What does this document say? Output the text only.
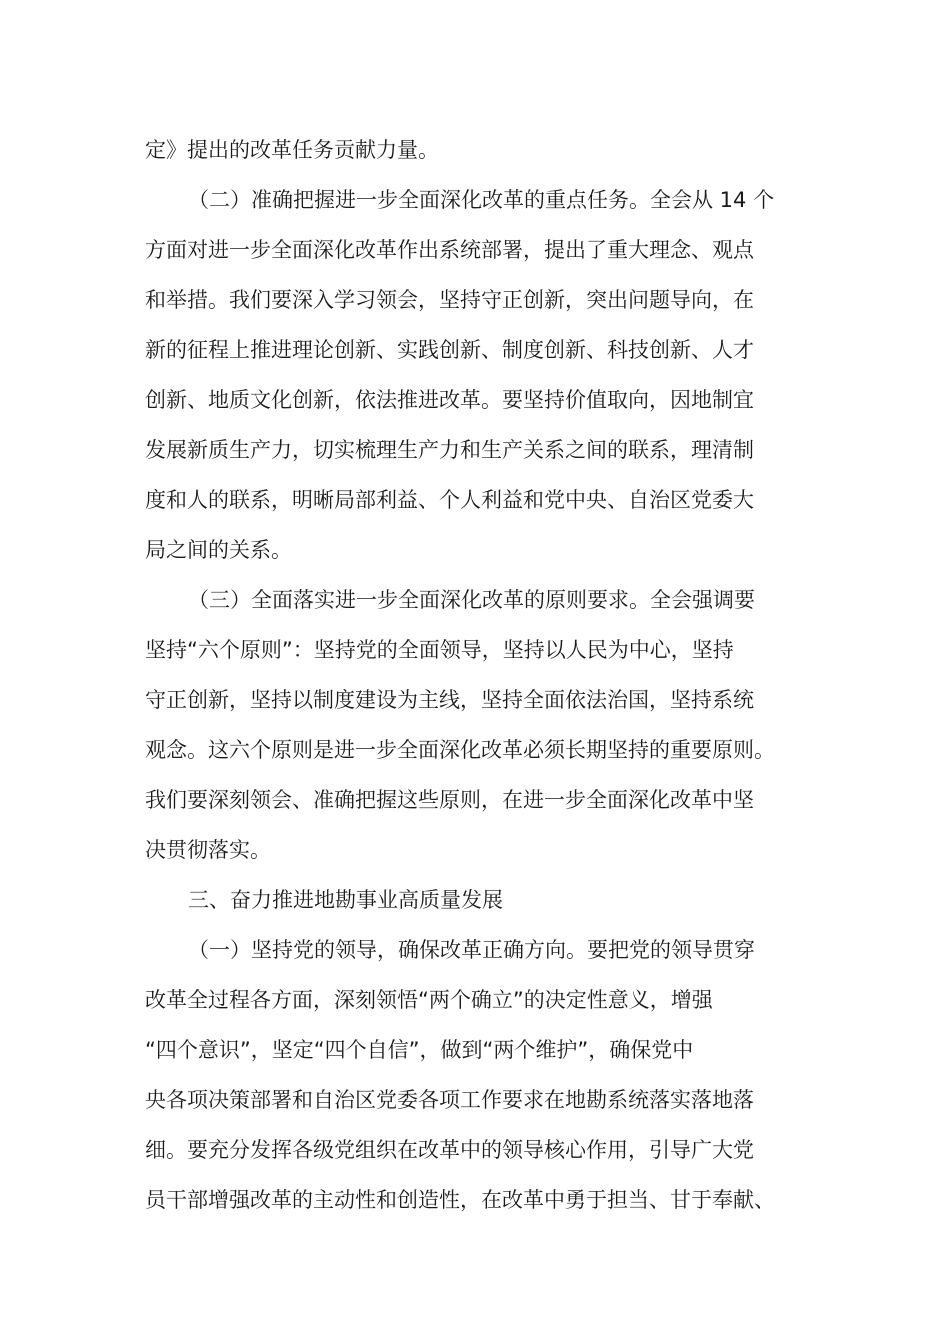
定》提出的改革任务贡献力量。
（二）准确把握进一步全面深化改革的重点任务。全会从 14 个
方面对进一步全面深化改革作出系统部署，提出了重大理念、观点
和举措。我们要深入学习领会，坚持守正创新，突出问题导向，在
新的征程上推进理论创新、实践创新、制度创新、科技创新、人才
创新、地质文化创新，依法推进改革。要坚持价值取向，因地制宜
发展新质生产力，切实梳理生产力和生产关系之间的联系，理清制
度和人的联系，明晰局部利益、个人利益和党中央、自治区党委大
局之间的关系。
（三）全面落实进一步全面深化改革的原则要求。全会强调要
坚持“六个原则”：坚持党的全面领导，坚持以人民为中心，坚持
守正创新，坚持以制度建设为主线，坚持全面依法治国，坚持系统
观念。这六个原则是进一步全面深化改革必须长期坚持的重要原则。
我们要深刻领会、准确把握这些原则，在进一步全面深化改革中坚
决贯彻落实。
三、奋力推进地勘事业高质量发展
（一）坚持党的领导，确保改革正确方向。要把党的领导贯穿
改革全过程各方面，深刻领悟“两个确立”的决定性意义，增强
“四个意识”，坚定“四个自信”，做到“两个维护”，确保党中
央各项决策部署和自治区党委各项工作要求在地勘系统落实落地落
细。要充分发挥各级党组织在改革中的领导核心作用，引导广大党
员干部增强改革的主动性和创造性，在改革中勇于担当、甘于奉献、
